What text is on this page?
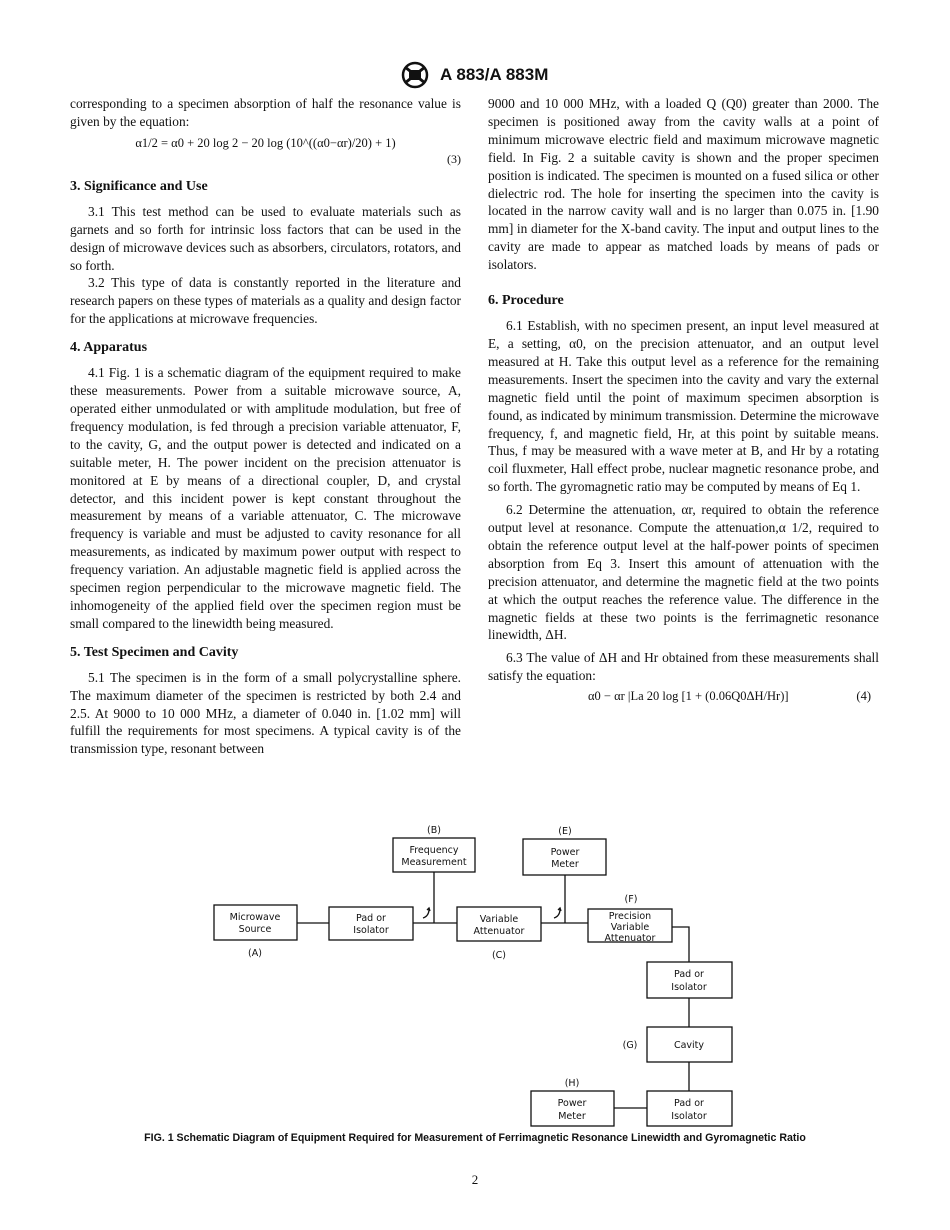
A 883/A 883M

corresponding to a specimen absorption of half the resonance value is given by the equation:

α1/2 = α0 + 20 log 2 − 20 log (10^((α0−αr)/20) + 1)
(3)
3. Significance and Use

3.1 This test method can be used to evaluate materials such as garnets and so forth for intrinsic loss factors that can be used in the design of microwave devices such as absorbers, circulators, rotators, and so forth.

3.2 This type of data is constantly reported in the literature and research papers on these types of materials as a quality and design factor for the applications at microwave frequencies.

4. Apparatus

4.1 Fig. 1 is a schematic diagram of the equipment required to make these measurements. Power from a suitable microwave source, A, operated either unmodulated or with amplitude modulation, but free of frequency modulation, is fed through a precision variable attenuator, F, to the cavity, G, and the output power is detected and indicated on a suitable meter, H. The power incident on the precision attenuator is monitored at E by means of a directional coupler, D, and crystal detector, and this incident power is kept constant throughout the measurement by means of a variable attenuator, C. The microwave frequency is variable and must be adjusted to cavity resonance for all measurements, as indicated by maximum power output with respect to frequency variation. An adjustable magnetic field is applied across the specimen region perpendicular to the microwave magnetic field. The inhomogeneity of the applied field over the specimen region must be small compared to the linewidth being measured.

5. Test Specimen and Cavity

5.1 The specimen is in the form of a small polycrystalline sphere. The maximum diameter of the specimen is restricted by both 2.4 and 2.5. At 9000 to 10 000 MHz, a diameter of 0.040 in. [1.02 mm] will fulfill the requirements for most specimens. A typical cavity is of the transmission type, resonant between

9000 and 10 000 MHz, with a loaded Q (Q0) greater than 2000. The specimen is positioned away from the cavity walls at a point of minimum microwave electric field and maximum microwave magnetic field. In Fig. 2 a suitable cavity is shown and the proper specimen position is indicated. The specimen is mounted on a fused silica or other dielectric rod. The hole for inserting the specimen into the cavity is located in the narrow cavity wall and is no larger than 0.075 in. [1.90 mm] in diameter for the X-band cavity. The input and output lines to the cavity are made to appear as matched loads by means of pads or isolators.

6. Procedure

6.1 Establish, with no specimen present, an input level measured at E, a setting, α0, on the precision attenuator, and an output level measured at H. Take this output level as a reference for the remaining measurements. Insert the specimen into the cavity and vary the external magnetic field until the point of maximum specimen absorption is found, as indicated by minimum transmission. Determine the microwave frequency, f, and magnetic field, Hr, at this point by suitable means. Thus, f may be measured with a wave meter at B, and Hr by a rotating coil fluxmeter, Hall effect probe, nuclear magnetic resonance probe, and so forth. The gyromagnetic ratio may be computed by means of Eq 1.

6.2 Determine the attenuation, αr, required to obtain the reference output level at resonance. Compute the attenuation,α 1/2, required to obtain the reference output level at the half-power points of specimen absorption from Eq 3. Insert this amount of attenuation with the precision attenuator, and determine the magnetic field at the two points at which the output reaches the reference value. The difference in the magnetic fields at these two points is the ferrimagnetic resonance linewidth, ΔH.

6.3 The value of ΔH and Hr obtained from these measurements shall satisfy the equation:

α0 − αr |La 20 log [1 + (0.06Q0ΔH/Hr)]	(4)
Microwave
Source
Pad or
Isolator
Frequency
Measurement
Variable
Attenuator
Power
Meter
Precision
Variable
Attenuator
Pad or
Isolator
Cavity
Power
Meter
Pad or
Isolator
(A)
(B)
(C)
(E)
(F)
(G)
(H)
FIG. 1 Schematic Diagram of Equipment Required for Measurement of Ferrimagnetic Resonance Linewidth and Gyromagnetic Ratio
2
